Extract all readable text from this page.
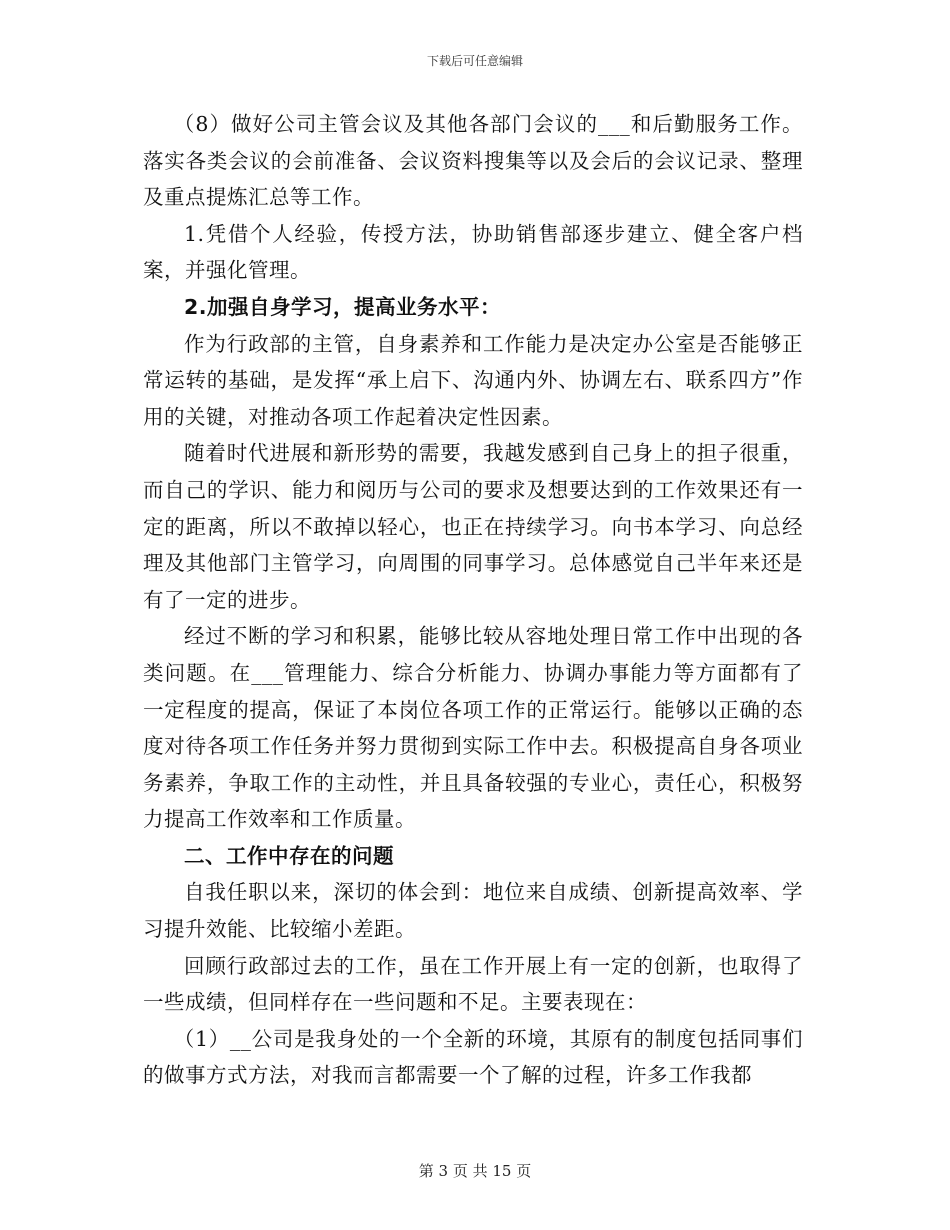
下载后可任意编辑

（8）做好公司主管会议及其他各部门会议的___和后勤服务工作。落实各类会议的会前准备、会议资料搜集等以及会后的会议记录、整理及重点提炼汇总等工作。

1.凭借个人经验，传授方法，协助销售部逐步建立、健全客户档案，并强化管理。

2.加强自身学习，提高业务水平：

作为行政部的主管，自身素养和工作能力是决定办公室是否能够正常运转的基础，是发挥“承上启下、沟通内外、协调左右、联系四方”作用的关键，对推动各项工作起着决定性因素。

随着时代进展和新形势的需要，我越发感到自己身上的担子很重，而自己的学识、能力和阅历与公司的要求及想要达到的工作效果还有一定的距离，所以不敢掉以轻心，也正在持续学习。向书本学习、向总经理及其他部门主管学习，向周围的同事学习。总体感觉自己半年来还是有了一定的进步。

经过不断的学习和积累，能够比较从容地处理日常工作中出现的各类问题。在___管理能力、综合分析能力、协调办事能力等方面都有了一定程度的提高，保证了本岗位各项工作的正常运行。能够以正确的态度对待各项工作任务并努力贯彻到实际工作中去。积极提高自身各项业务素养，争取工作的主动性，并且具备较强的专业心，责任心，积极努力提高工作效率和工作质量。

二、工作中存在的问题

自我任职以来，深切的体会到：地位来自成绩、创新提高效率、学习提升效能、比较缩小差距。

回顾行政部过去的工作，虽在工作开展上有一定的创新，也取得了一些成绩，但同样存在一些问题和不足。主要表现在：

（1）__公司是我身处的一个全新的环境，其原有的制度包括同事们的做事方式方法，对我而言都需要一个了解的过程，许多工作我都

第 3 页 共 15 页
